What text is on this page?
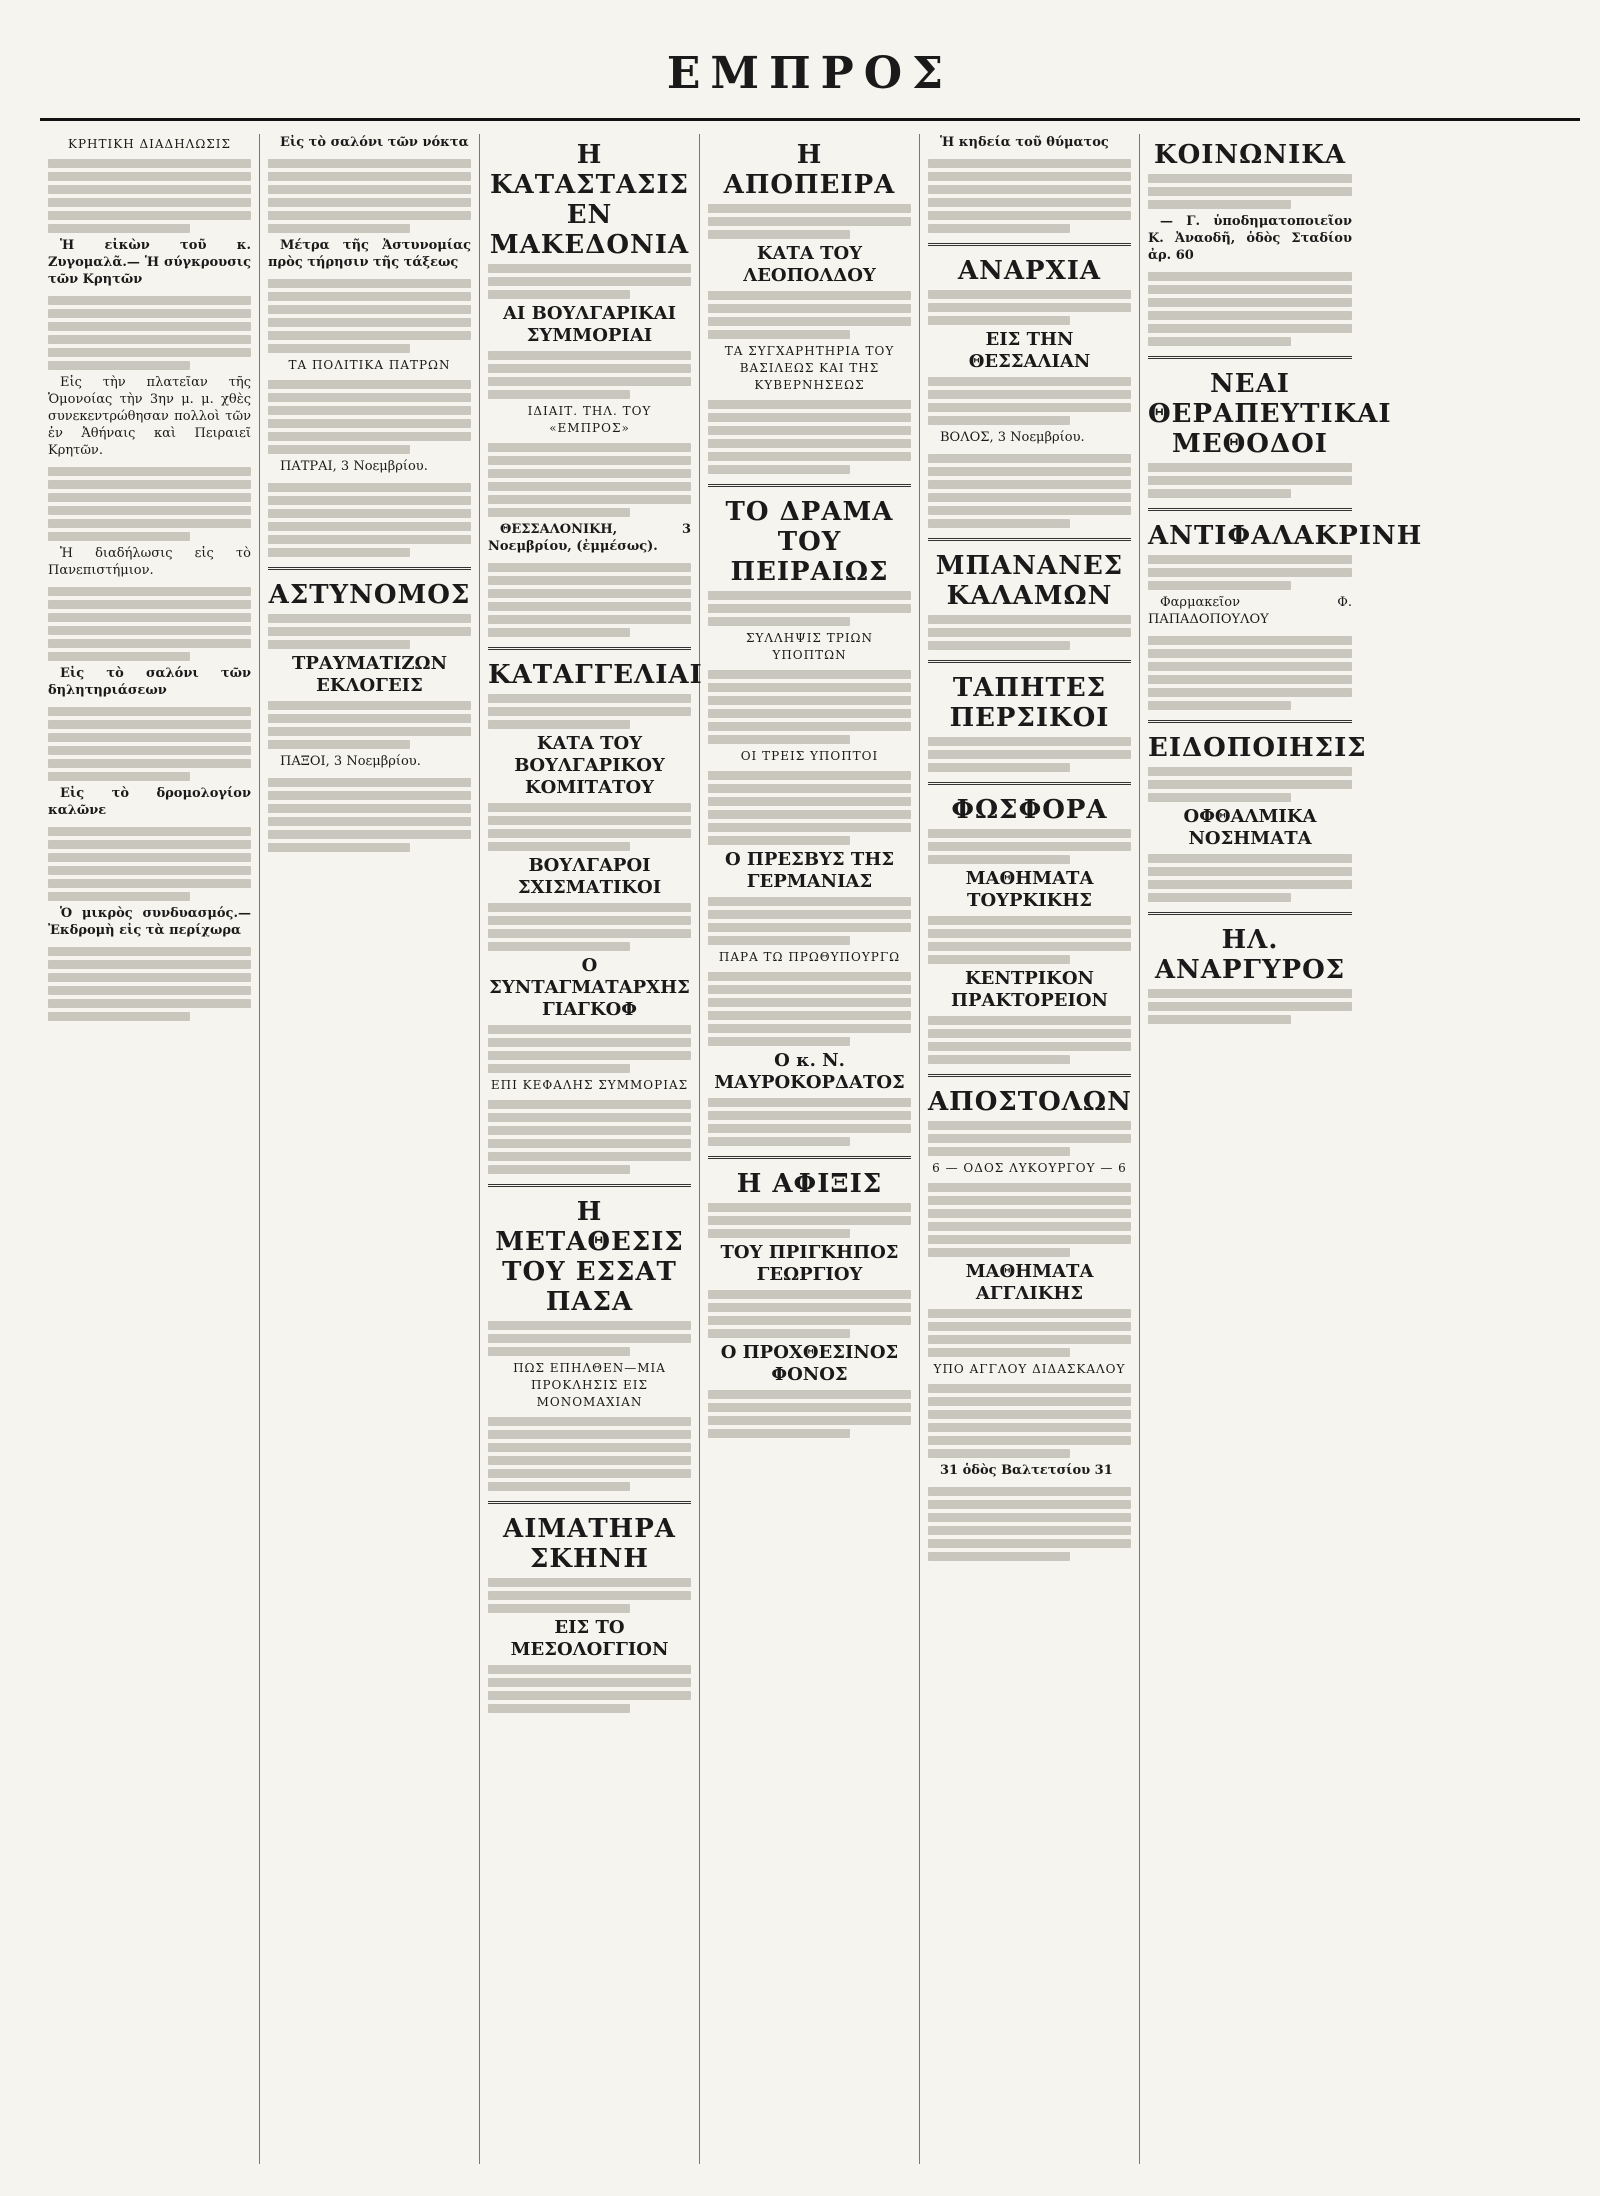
ΕΜΠΡΟΣ
ΚΡΗΤΙΚΗ ΔΙΑΔΗΛΩΣΙΣ

Ἡ εἰκὼν τοῦ κ. Ζυγομαλᾶ.— Ἡ σύγκρουσις τῶν Κρητῶν

Εἰς τὴν πλατεῖαν τῆς Ὁμονοίας τὴν 3ην μ. μ. χθὲς συνεκεντρώθησαν πολλοὶ τῶν ἐν Ἀθήναις καὶ Πειραιεῖ Κρητῶν.

Ἡ διαδήλωσις εἰς τὸ Πανεπιστήμιον.

Εἰς τὸ σαλόνι τῶν δηλητηριάσεων

Εἰς τὸ δρομολογίον καλῶνε

Ὁ μικρὸς συνδυασμός.— Ἐκδρομὴ εἰς τὰ περίχωρα

Εἰς τὸ σαλόνι τῶν νόκτα

Μέτρα τῆς Ἀστυνομίας πρὸς τήρησιν τῆς τάξεως

ΤΑ ΠΟΛΙΤΙΚΑ ΠΑΤΡΩΝ

ΠΑΤΡΑΙ, 3 Νοεμβρίου.

ΑΣΤΥΝΟΜΟΣ
ΤΡΑΥΜΑΤΙΖΩΝ ΕΚΛΟΓΕΙΣ

ΠΑΞΟΙ, 3 Νοεμβρίου.

Η ΚΑΤΑΣΤΑΣΙΣ ΕΝ ΜΑΚΕΔΟΝΙΑ
ΑΙ ΒΟΥΛΓΑΡΙΚΑΙ ΣΥΜΜΟΡΙΑΙ
ΙΔΙΑΙΤ. ΤΗΛ. ΤΟΥ «ΕΜΠΡΟΣ»

ΘΕΣΣΑΛΟΝΙΚΗ, 3 Νοεμβρίου, (ἐμμέσως).

ΚΑΤΑΓΓΕΛΙΑΙ
ΚΑΤΑ ΤΟΥ ΒΟΥΛΓΑΡΙΚΟΥ ΚΟΜΙΤΑΤΟΥ
ΒΟΥΛΓΑΡΟΙ ΣΧΙΣΜΑΤΙΚΟΙ
Ο ΣΥΝΤΑΓΜΑΤΑΡΧΗΣ ΓΙΑΓΚΟΦ
ΕΠΙ ΚΕΦΑΛΗΣ ΣΥΜΜΟΡΙΑΣ
Η ΜΕΤΑΘΕΣΙΣ ΤΟΥ ΕΣΣΑΤ ΠΑΣΑ
ΠΩΣ ΕΠΗΛΘΕΝ—ΜΙΑ ΠΡΟΚΛΗΣΙΣ ΕΙΣ ΜΟΝΟΜΑΧΙΑΝ
ΑΙΜΑΤΗΡΑ ΣΚΗΝΗ
ΕΙΣ ΤΟ ΜΕΣΟΛΟΓΓΙΟΝ
Η ΑΠΟΠΕΙΡΑ
ΚΑΤΑ ΤΟΥ ΛΕΟΠΟΛΔΟΥ
ΤΑ ΣΥΓΧΑΡΗΤΗΡΙΑ ΤΟΥ ΒΑΣΙΛΕΩΣ ΚΑΙ ΤΗΣ ΚΥΒΕΡΝΗΣΕΩΣ
ΤΟ ΔΡΑΜΑ ΤΟΥ ΠΕΙΡΑΙΩΣ
ΣΥΛΛΗΨΙΣ ΤΡΙΩΝ ΥΠΟΠΤΩΝ
ΟΙ ΤΡΕΙΣ ΥΠΟΠΤΟΙ
Ο ΠΡΕΣΒΥΣ ΤΗΣ ΓΕΡΜΑΝΙΑΣ
ΠΑΡΑ ΤΩ ΠΡΩΘΥΠΟΥΡΓΩ
Ο κ. Ν. ΜΑΥΡΟΚΟΡΔΑΤΟΣ
Η ΑΦΙΞΙΣ
ΤΟΥ ΠΡΙΓΚΗΠΟΣ ΓΕΩΡΓΙΟΥ
Ο ΠΡΟΧΘΕΣΙΝΟΣ ΦΟΝΟΣ

Ἡ κηδεία τοῦ θύματος

ΑΝΑΡΧΙΑ
ΕΙΣ ΤΗΝ ΘΕΣΣΑΛΙΑΝ

ΒΟΛΟΣ, 3 Νοεμβρίου.

ΜΠΑΝΑΝΕΣ ΚΑΛΑΜΩΝ
ΤΑΠΗΤΕΣ ΠΕΡΣΙΚΟΙ
ΦΩΣΦΟΡΑ
ΜΑΘΗΜΑΤΑ ΤΟΥΡΚΙΚΗΣ
ΚΕΝΤΡΙΚΟΝ ΠΡΑΚΤΟΡΕΙΟΝ
ΑΠΟΣΤΟΛΩΝ
6 — ΟΔΟΣ ΛΥΚΟΥΡΓΟΥ — 6
ΜΑΘΗΜΑΤΑ ΑΓΓΛΙΚΗΣ
ΥΠΟ ΑΓΓΛΟΥ ΔΙΔΑΣΚΑΛΟΥ

31 ὁδὸς Βαλτετσίου 31

ΚΟΙΝΩΝΙΚΑ

— Γ. ὑποδηματοποιεῖον Κ. Ἀναοδῆ, ὁδὸς Σταδίου ἀρ. 60

ΝΕΑΙ ΘΕΡΑΠΕΥΤΙΚΑΙ ΜΕΘΟΔΟΙ
ΑΝΤΙΦΑΛΑΚΡΙΝΗ

Φαρμακεῖον Φ. ΠΑΠΑΔΟΠΟΥΛΟΥ

ΕΙΔΟΠΟΙΗΣΙΣ
ΟΦΘΑΛΜΙΚΑ ΝΟΣΗΜΑΤΑ
ΗΛ. ΑΝΑΡΓΥΡΟΣ
